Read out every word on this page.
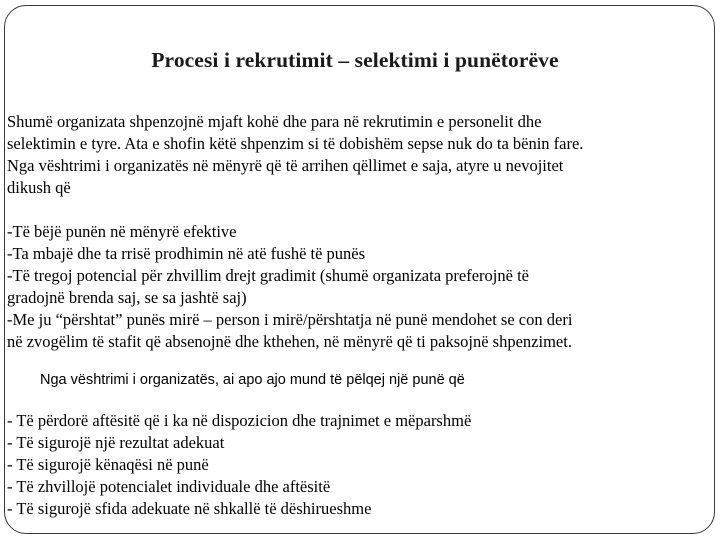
Procesi i rekrutimit – selektimi i punëtorëve
Shumë organizata shpenzojnë mjaft kohë dhe para në rekrutimin e personelit dhe
selektimin e tyre. Ata e shofin këtë shpenzim si të dobishëm sepse nuk do ta bënin fare.
Nga vështrimi i organizatës në mënyrë që të arrihen qëllimet e saja, atyre u nevojitet
dikush që
-Të bëjë punën në mënyrë efektive
-Ta mbajë dhe ta rrisë prodhimin në atë fushë të punës
-Të tregoj potencial për zhvillim drejt gradimit (shumë organizata preferojnë të
gradojnë brenda saj, se sa jashtë saj)
-Me ju “përshtat” punës mirë – person i mirë/përshtatja në punë mendohet se con deri
në zvogëlim të stafit që absenojnë dhe kthehen, në mënyrë që ti paksojnë shpenzimet.
Nga vështrimi i organizatës, ai apo ajo mund të pëlqej një punë që
- Të përdorë aftësitë që i ka në dispozicion dhe trajnimet e mëparshmë
- Të sigurojë një rezultat adekuat
- Të sigurojë kënaqësi në punë
- Të zhvillojë potencialet individuale dhe aftësitë
- Të sigurojë sfida adekuate në shkallë të dëshirueshme
